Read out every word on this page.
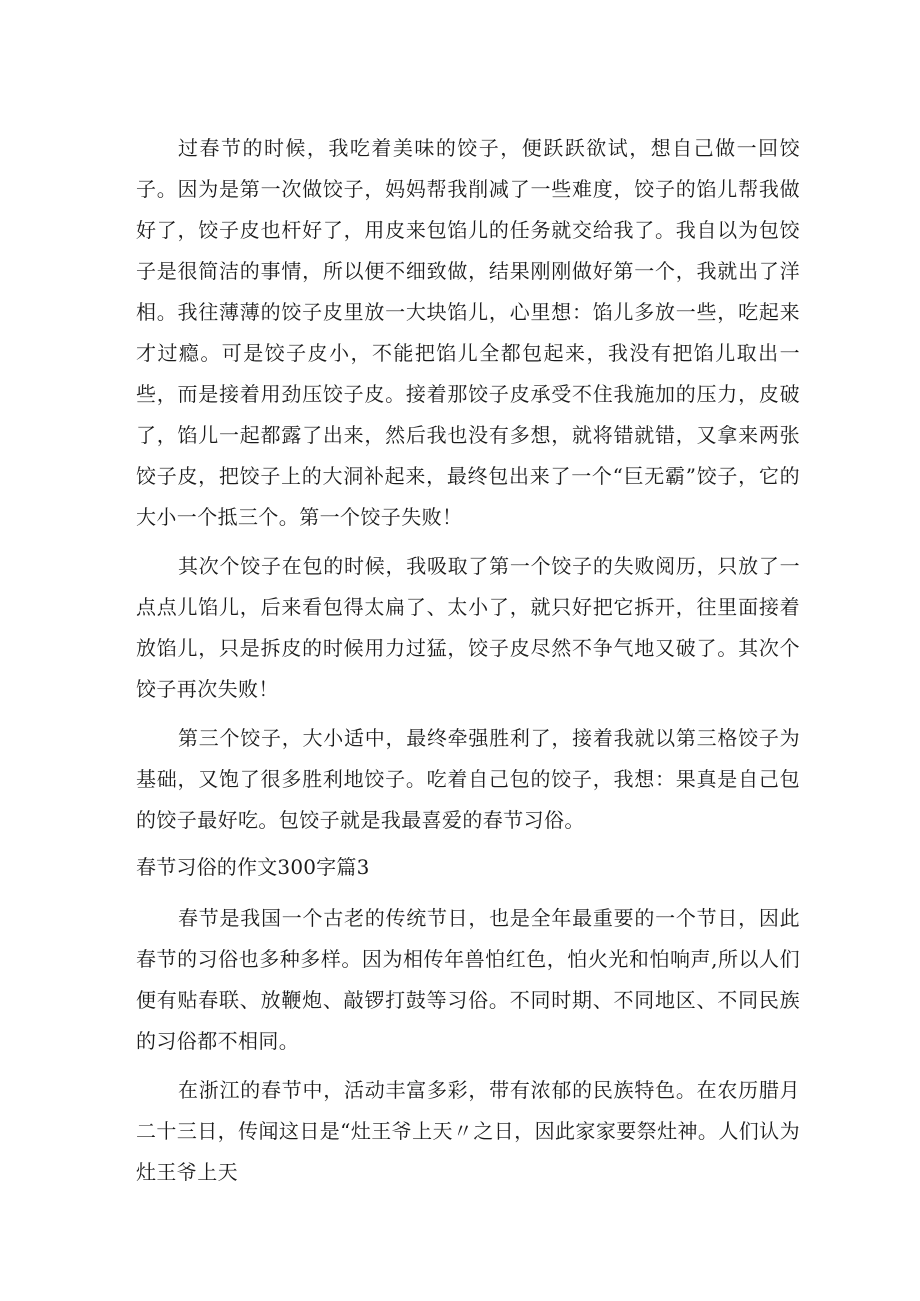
过春节的时候，我吃着美味的饺子，便跃跃欲试，想自己做一回饺子。因为是第一次做饺子，妈妈帮我削减了一些难度，饺子的馅儿帮我做好了，饺子皮也杆好了，用皮来包馅儿的任务就交给我了。我自以为包饺子是很简洁的事情，所以便不细致做，结果刚刚做好第一个，我就出了洋相。我往薄薄的饺子皮里放一大块馅儿，心里想：馅儿多放一些，吃起来才过瘾。可是饺子皮小，不能把馅儿全都包起来，我没有把馅儿取出一些，而是接着用劲压饺子皮。接着那饺子皮承受不住我施加的压力，皮破了，馅儿一起都露了出来，然后我也没有多想，就将错就错，又拿来两张饺子皮，把饺子上的大洞补起来，最终包出来了一个“巨无霸”饺子，它的大小一个抵三个。第一个饺子失败！

其次个饺子在包的时候，我吸取了第一个饺子的失败阅历，只放了一点点儿馅儿，后来看包得太扁了、太小了，就只好把它拆开，往里面接着放馅儿，只是拆皮的时候用力过猛，饺子皮尽然不争气地又破了。其次个饺子再次失败！

第三个饺子，大小适中，最终牵强胜利了，接着我就以第三格饺子为基础，又饱了很多胜利地饺子。吃着自己包的饺子，我想：果真是自己包的饺子最好吃。包饺子就是我最喜爱的春节习俗。

春节习俗的作文300字篇3

春节是我国一个古老的传统节日，也是全年最重要的一个节日，因此春节的习俗也多种多样。因为相传年兽怕红色，怕火光和怕响声,所以人们便有贴春联、放鞭炮、敲锣打鼓等习俗。不同时期、不同地区、不同民族的习俗都不相同。

在浙江的春节中，活动丰富多彩，带有浓郁的民族特色。在农历腊月二十三日，传闻这日是“灶王爷上天〃之日，因此家家要祭灶神。人们认为灶王爷上天
